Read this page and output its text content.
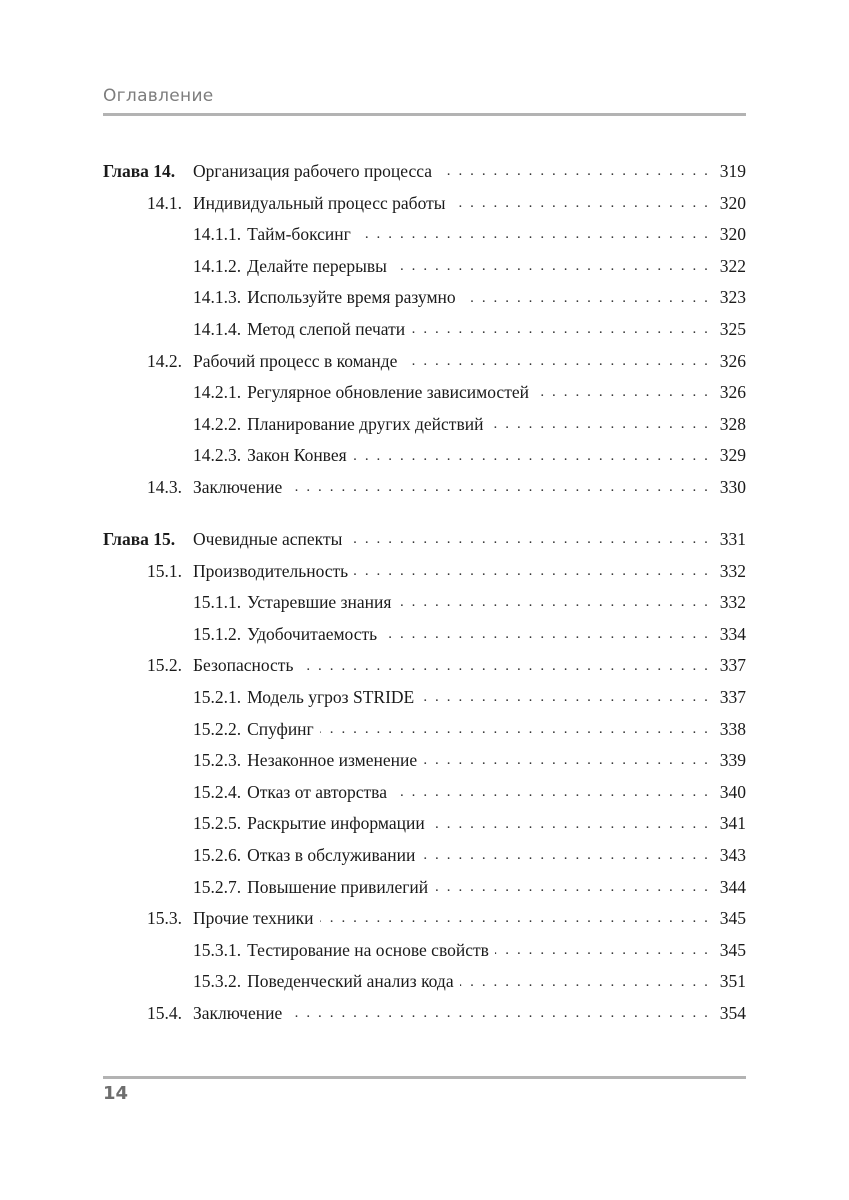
Оглавление
Глава 14.	Организация рабочего процесса . . .	319
14.1. Индивидуальный процесс работы . . .	320
14.1.1. Тайм-боксинг . . .	320
14.1.2. Делайте перерывы . . .	322
14.1.3. Используйте время разумно . . .	323
14.1.4. Метод слепой печати . . .	325
14.2. Рабочий процесс в команде . . .	326
14.2.1. Регулярное обновление зависимостей . . .	326
14.2.2. Планирование других действий . . .	328
14.2.3. Закон Конвея . . .	329
14.3. Заключение . . .	330
Глава 15.	Очевидные аспекты . . .	331
15.1. Производительность . . .	332
15.1.1. Устаревшие знания . . .	332
15.1.2. Удобочитаемость . . .	334
15.2. Безопасность . . .	337
15.2.1. Модель угроз STRIDE . . .	337
15.2.2. Спуфинг . . .	338
15.2.3. Незаконное изменение . . .	339
15.2.4. Отказ от авторства . . .	340
15.2.5. Раскрытие информации . . .	341
15.2.6. Отказ в обслуживании . . .	343
15.2.7. Повышение привилегий . . .	344
15.3. Прочие техники . . .	345
15.3.1. Тестирование на основе свойств . . .	345
15.3.2. Поведенческий анализ кода . . .	351
15.4. Заключение . . .	354
14
